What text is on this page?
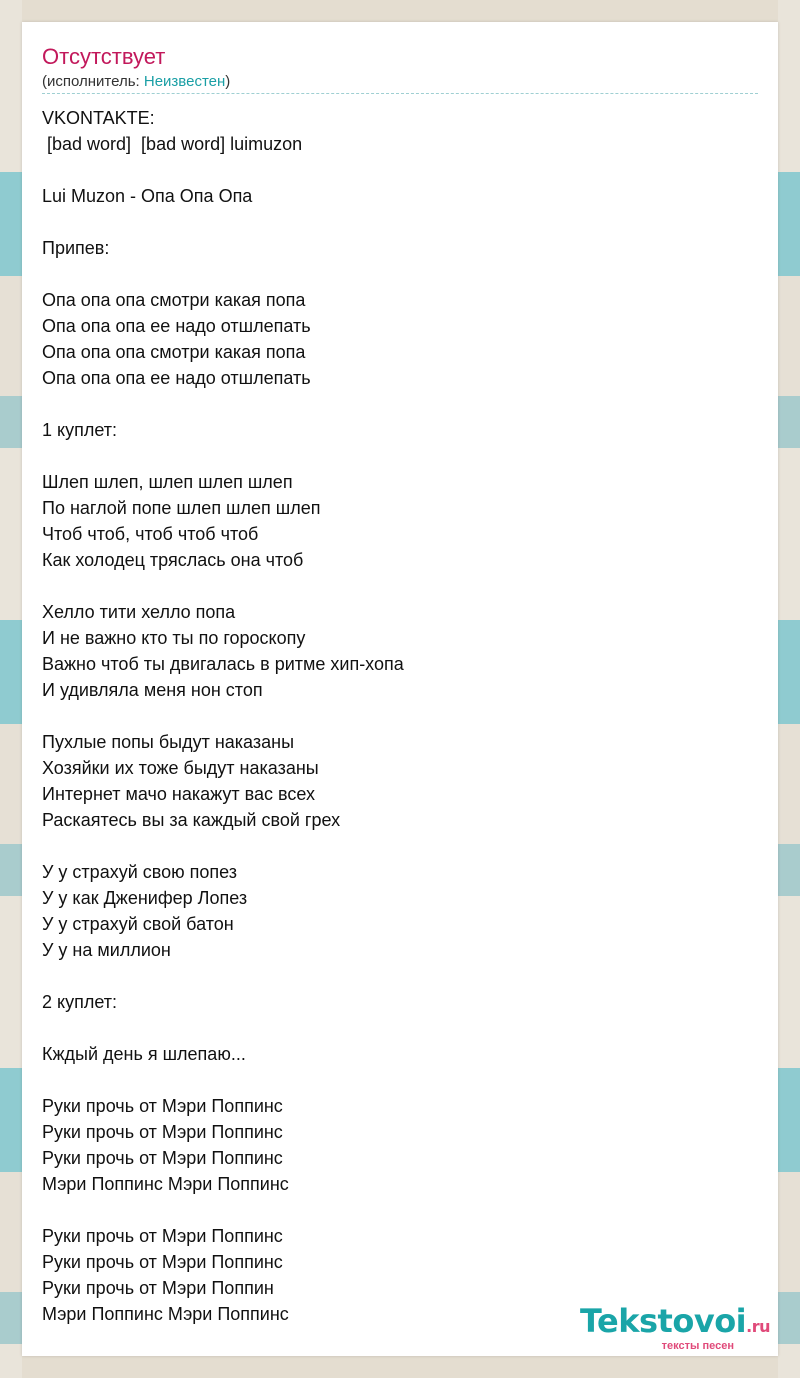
Отсутствует
(исполнитель: Неизвестен)
VKONTAKTE:
[bad word]  [bad word] luimuzon
Lui Muzon - Опа Опа Опа
Припев:
Опа опа опа смотри какая попа
Опа опа опа ее надо отшлепать
Опа опа опа смотри какая попа
Опа опа опа ее надо отшлепать
1 куплет:
Шлеп шлеп, шлеп шлеп шлеп
По наглой попе шлеп шлеп шлеп
Чтоб чтоб, чтоб чтоб чтоб
Как холодец тряслась она чтоб
Хелло тити хелло попа
И не важно кто ты по гороскопу
Важно чтоб ты двигалась в ритме хип-хопа
И удивляла меня нон стоп
Пухлые попы быдут наказаны
Хозяйки их тоже быдут наказаны
Интернет мачо накажут вас всех
Раскаятесь вы за каждый свой грех
У у страхуй свою попез
У у как Дженифер Лопез
У у страхуй свой батон
У у на миллион
2 куплет:
Кждый день я шлепаю...
Руки прочь от Мэри Поппинс
Руки прочь от Мэри Поппинс
Руки прочь от Мэри Поппинс
Мэри Поппинс Мэри Поппинс
Руки прочь от Мэри Поппинс
Руки прочь от Мэри Поппинс
Руки прочь от Мэри Поппин
Мэри Поппинс Мэри Поппинс	Tekstovoi.ru
тексты песен
